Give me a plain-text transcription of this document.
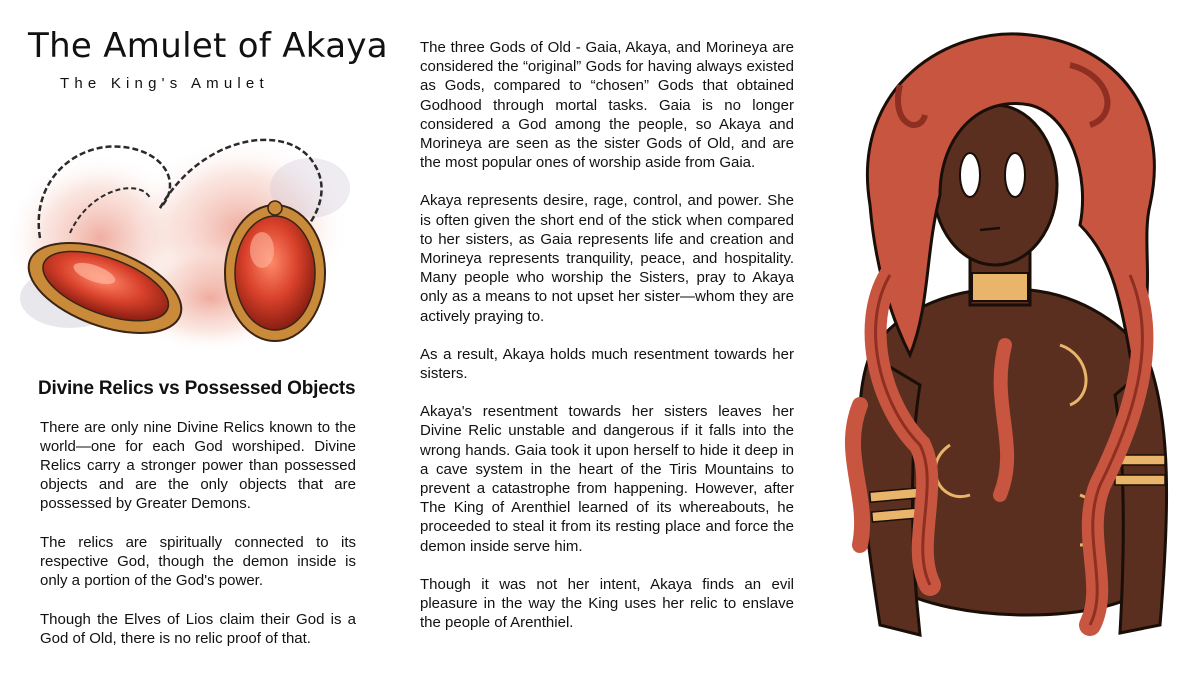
The Amulet of Akaya
The King's Amulet
Divine Relics vs Possessed Objects

There are only nine Divine Relics known to the world—one for each God worshiped. Divine Relics carry a stronger power than possessed objects and are the only objects that are possessed by Greater Demons.

The relics are spiritually connected to its respective God, though the demon inside is only a portion of the God's power.

Though the Elves of Lios claim their God is a God of Old, there is no relic proof of that.

The three Gods of Old - Gaia, Akaya, and Morineya are considered the “original” Gods for having always existed as Gods, compared to “chosen” Gods that obtained Godhood through mortal tasks. Gaia is no longer considered a God among the people, so Akaya and Morineya are seen as the sister Gods of Old, and are the most popular ones of worship aside from Gaia.

Akaya represents desire, rage, control, and power. She is often given the short end of the stick when compared to her sisters, as Gaia represents life and creation and Morineya represents tranquility, peace, and hospitality. Many people who worship the Sisters, pray to Akaya only as a means to not upset her sister—whom they are actively praying to.

As a result, Akaya holds much resentment towards her sisters.

Akaya's resentment towards her sisters leaves her Divine Relic unstable and dangerous if it falls into the wrong hands. Gaia took it upon herself to hide it deep in a cave system in the heart of the Tiris Mountains to prevent a catastrophe from happening. However, after The King of Arenthiel learned of its whereabouts, he proceeded to steal it from its resting place and force the demon inside serve him.

Though it was not her intent, Akaya finds an evil pleasure in the way the King uses her relic to enslave the people of Arenthiel.
